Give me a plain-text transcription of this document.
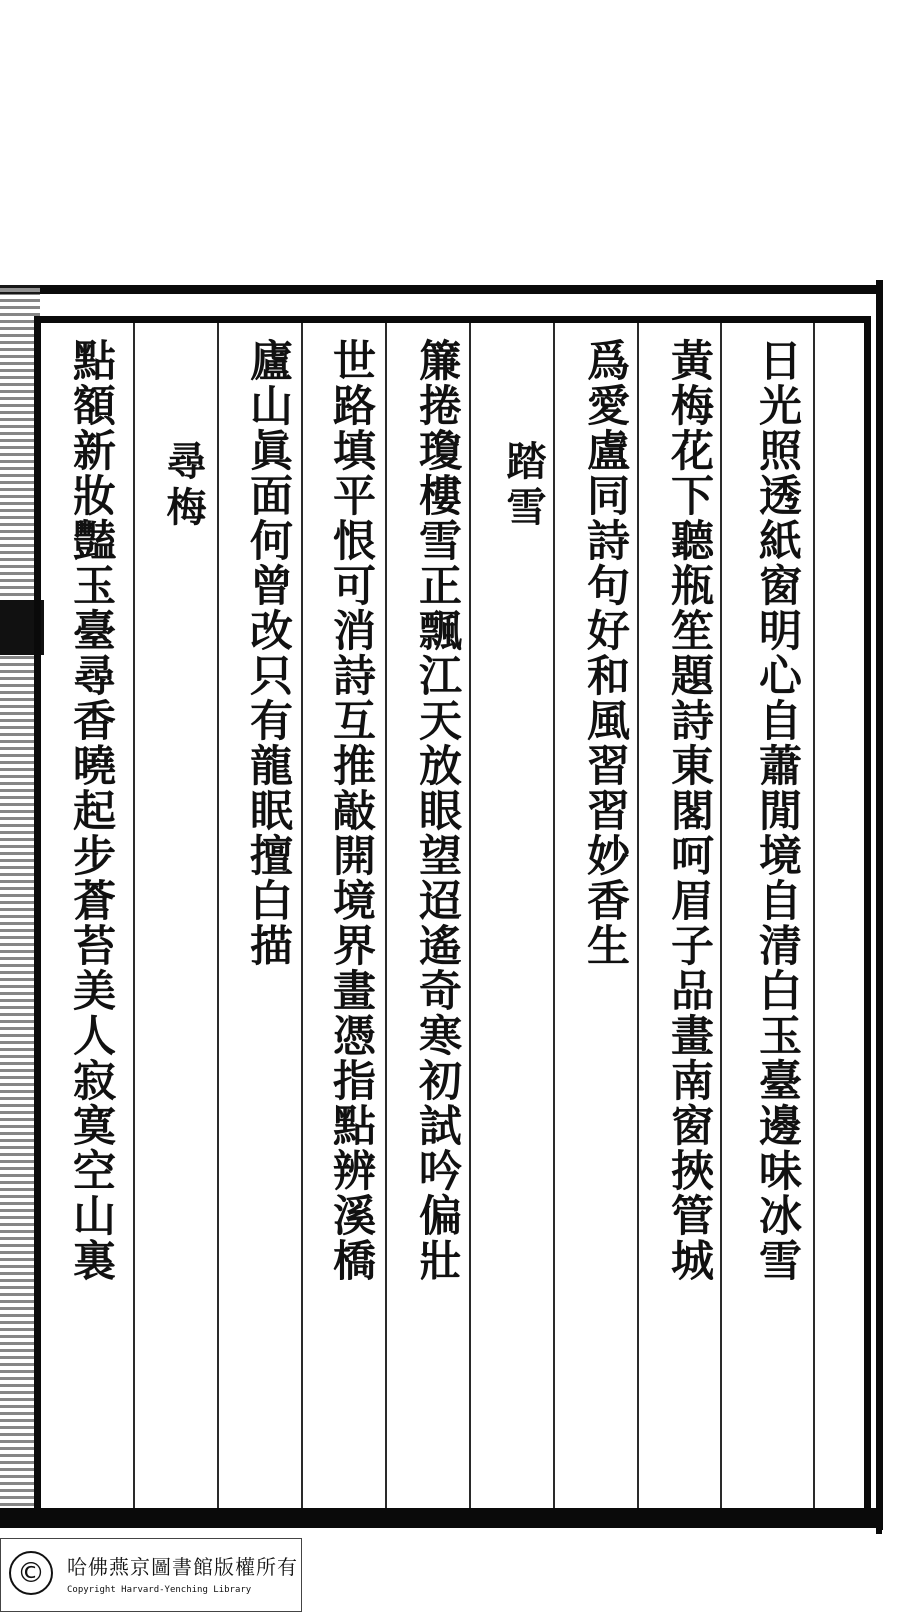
日光照透紙窗明心自蕭閒境自清白玉臺邊味冰雪
黃梅花下聽瓶笙題詩東閣呵眉子品畫南窗挾管城
爲愛盧同詩句好和風習習妙香生
踏雪
簾捲瓊樓雪正飄江天放眼望迢遙奇寒初試吟偏壯
世路填平恨可消詩互推敲開境界畫憑指點辨溪橋
廬山眞面何曾改只有龍眠擅白描
尋梅
點額新妝豔玉臺尋香曉起步蒼苔美人寂寞空山裏
©	哈佛燕京圖書館版權所有
Copyright Harvard-Yenching Library
